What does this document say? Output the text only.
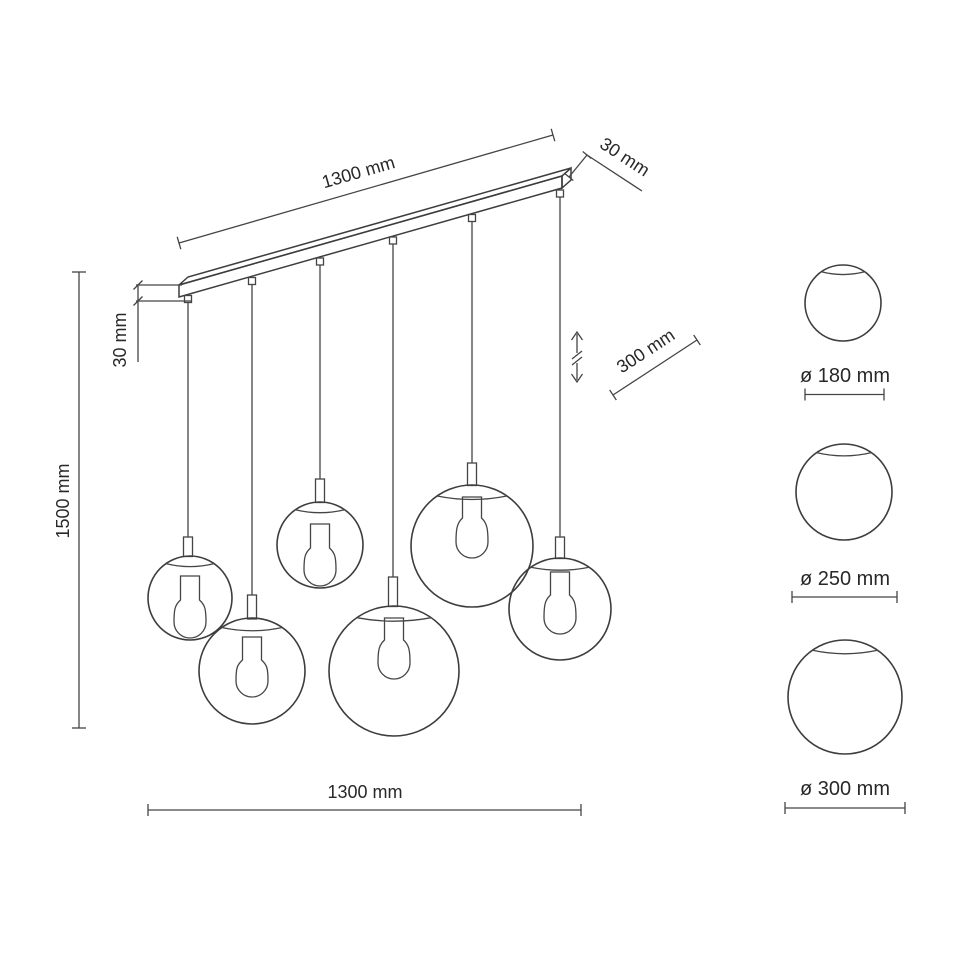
1300 mm	30 mm
30 mm
1500 mm
300 mm
1300 mm
ø 180 mm
ø 250 mm
ø 300 mm
